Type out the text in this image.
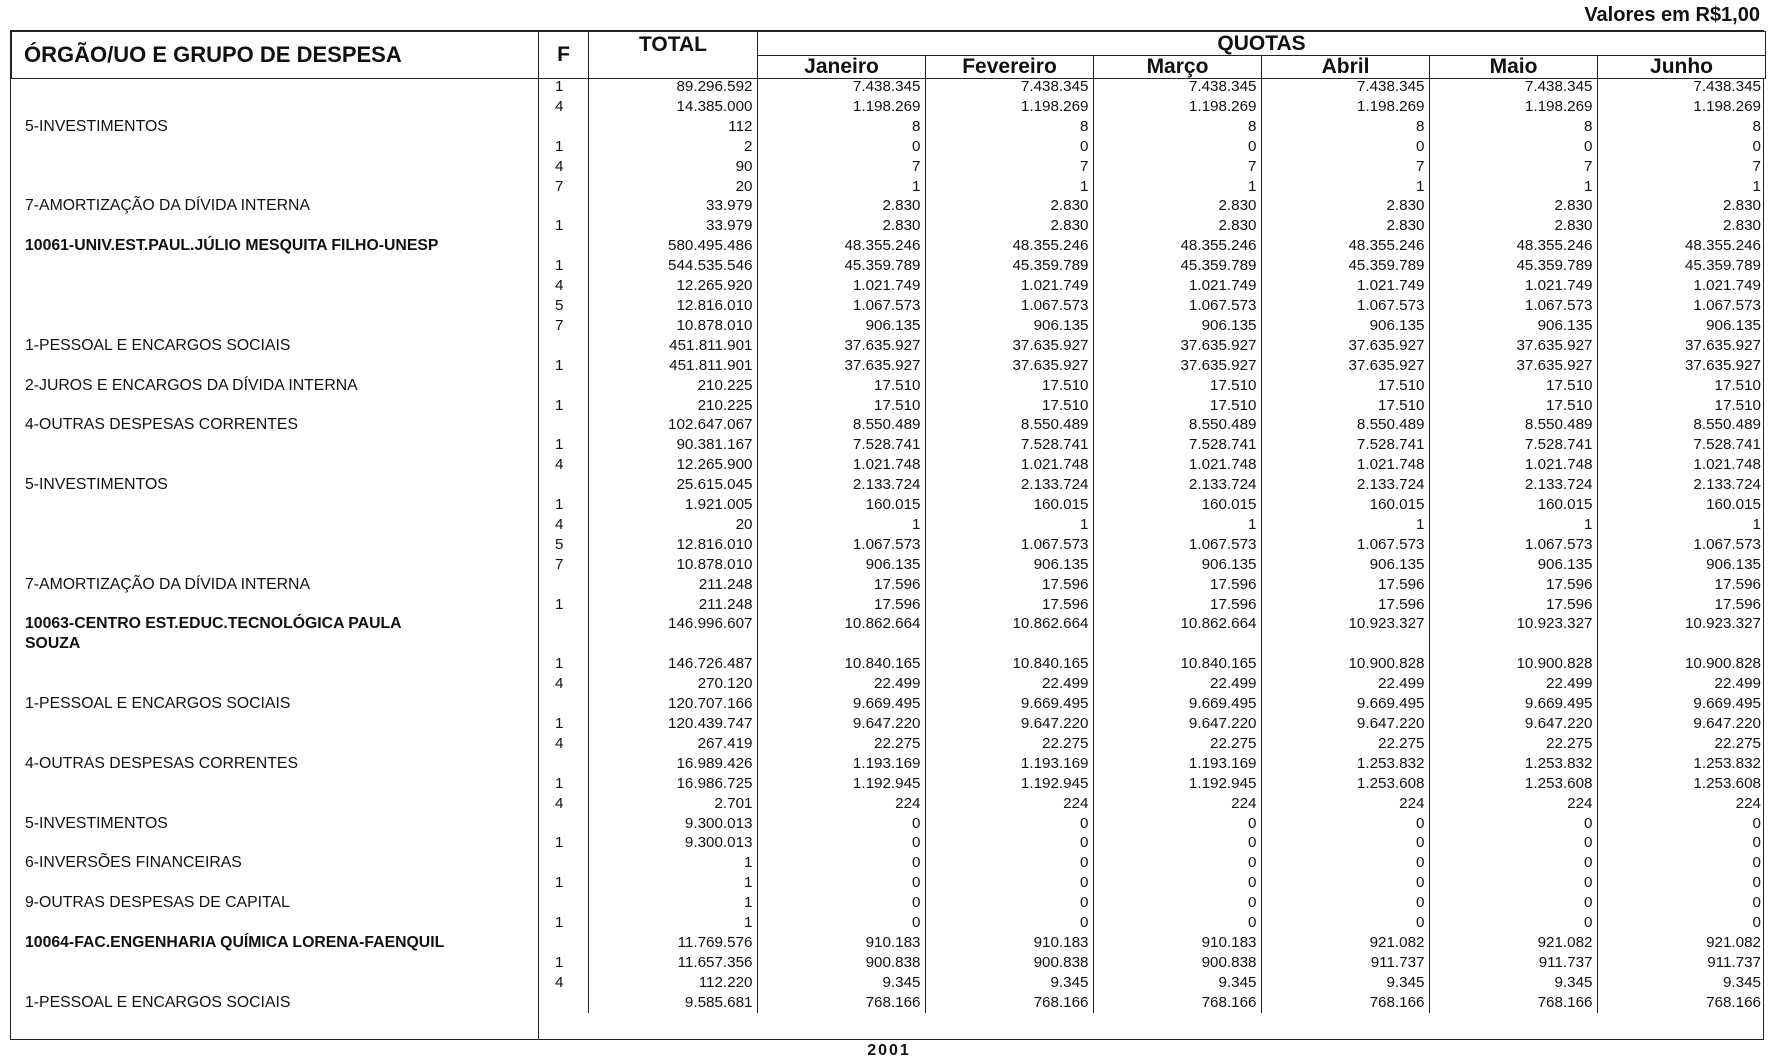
Valores em R$1,00
ÓRGÃO/UO E GRUPO DE DESPESA	F	TOTAL	QUOTAS					
			Janeiro	Fevereiro	Março	Abril	Maio	Junho
	1	89.296.592	7.438.345	7.438.345	7.438.345	7.438.345	7.438.345	7.438.345
	4	14.385.000	1.198.269	1.198.269	1.198.269	1.198.269	1.198.269	1.198.269
5-INVESTIMENTOS		112	8	8	8	8	8	8
	1	2	0	0	0	0	0	0
	4	90	7	7	7	7	7	7
	7	20	1	1	1	1	1	1
7-AMORTIZAÇÃO DA DÍVIDA INTERNA		33.979	2.830	2.830	2.830	2.830	2.830	2.830
	1	33.979	2.830	2.830	2.830	2.830	2.830	2.830
10061-UNIV.EST.PAUL.JÚLIO MESQUITA FILHO-UNESP		580.495.486	48.355.246	48.355.246	48.355.246	48.355.246	48.355.246	48.355.246
	1	544.535.546	45.359.789	45.359.789	45.359.789	45.359.789	45.359.789	45.359.789
	4	12.265.920	1.021.749	1.021.749	1.021.749	1.021.749	1.021.749	1.021.749
	5	12.816.010	1.067.573	1.067.573	1.067.573	1.067.573	1.067.573	1.067.573
	7	10.878.010	906.135	906.135	906.135	906.135	906.135	906.135
1-PESSOAL E ENCARGOS SOCIAIS		451.811.901	37.635.927	37.635.927	37.635.927	37.635.927	37.635.927	37.635.927
	1	451.811.901	37.635.927	37.635.927	37.635.927	37.635.927	37.635.927	37.635.927
2-JUROS E ENCARGOS DA DÍVIDA INTERNA		210.225	17.510	17.510	17.510	17.510	17.510	17.510
	1	210.225	17.510	17.510	17.510	17.510	17.510	17.510
4-OUTRAS DESPESAS CORRENTES		102.647.067	8.550.489	8.550.489	8.550.489	8.550.489	8.550.489	8.550.489
	1	90.381.167	7.528.741	7.528.741	7.528.741	7.528.741	7.528.741	7.528.741
	4	12.265.900	1.021.748	1.021.748	1.021.748	1.021.748	1.021.748	1.021.748
5-INVESTIMENTOS		25.615.045	2.133.724	2.133.724	2.133.724	2.133.724	2.133.724	2.133.724
	1	1.921.005	160.015	160.015	160.015	160.015	160.015	160.015
	4	20	1	1	1	1	1	1
	5	12.816.010	1.067.573	1.067.573	1.067.573	1.067.573	1.067.573	1.067.573
	7	10.878.010	906.135	906.135	906.135	906.135	906.135	906.135
7-AMORTIZAÇÃO DA DÍVIDA INTERNA		211.248	17.596	17.596	17.596	17.596	17.596	17.596
	1	211.248	17.596	17.596	17.596	17.596	17.596	17.596
10063-CENTRO EST.EDUC.TECNOLÓGICA PAULA		146.996.607	10.862.664	10.862.664	10.862.664	10.923.327	10.923.327	10.923.327
SOUZA								
	1	146.726.487	10.840.165	10.840.165	10.840.165	10.900.828	10.900.828	10.900.828
	4	270.120	22.499	22.499	22.499	22.499	22.499	22.499
1-PESSOAL E ENCARGOS SOCIAIS		120.707.166	9.669.495	9.669.495	9.669.495	9.669.495	9.669.495	9.669.495
	1	120.439.747	9.647.220	9.647.220	9.647.220	9.647.220	9.647.220	9.647.220
	4	267.419	22.275	22.275	22.275	22.275	22.275	22.275
4-OUTRAS DESPESAS CORRENTES		16.989.426	1.193.169	1.193.169	1.193.169	1.253.832	1.253.832	1.253.832
	1	16.986.725	1.192.945	1.192.945	1.192.945	1.253.608	1.253.608	1.253.608
	4	2.701	224	224	224	224	224	224
5-INVESTIMENTOS		9.300.013	0	0	0	0	0	0
	1	9.300.013	0	0	0	0	0	0
6-INVERSÕES FINANCEIRAS		1	0	0	0	0	0	0
	1	1	0	0	0	0	0	0
9-OUTRAS DESPESAS DE CAPITAL		1	0	0	0	0	0	0
	1	1	0	0	0	0	0	0
10064-FAC.ENGENHARIA QUÍMICA LORENA-FAENQUIL		11.769.576	910.183	910.183	910.183	921.082	921.082	921.082
	1	11.657.356	900.838	900.838	900.838	911.737	911.737	911.737
	4	112.220	9.345	9.345	9.345	9.345	9.345	9.345
1-PESSOAL E ENCARGOS SOCIAIS		9.585.681	768.166	768.166	768.166	768.166	768.166	768.166
2001
